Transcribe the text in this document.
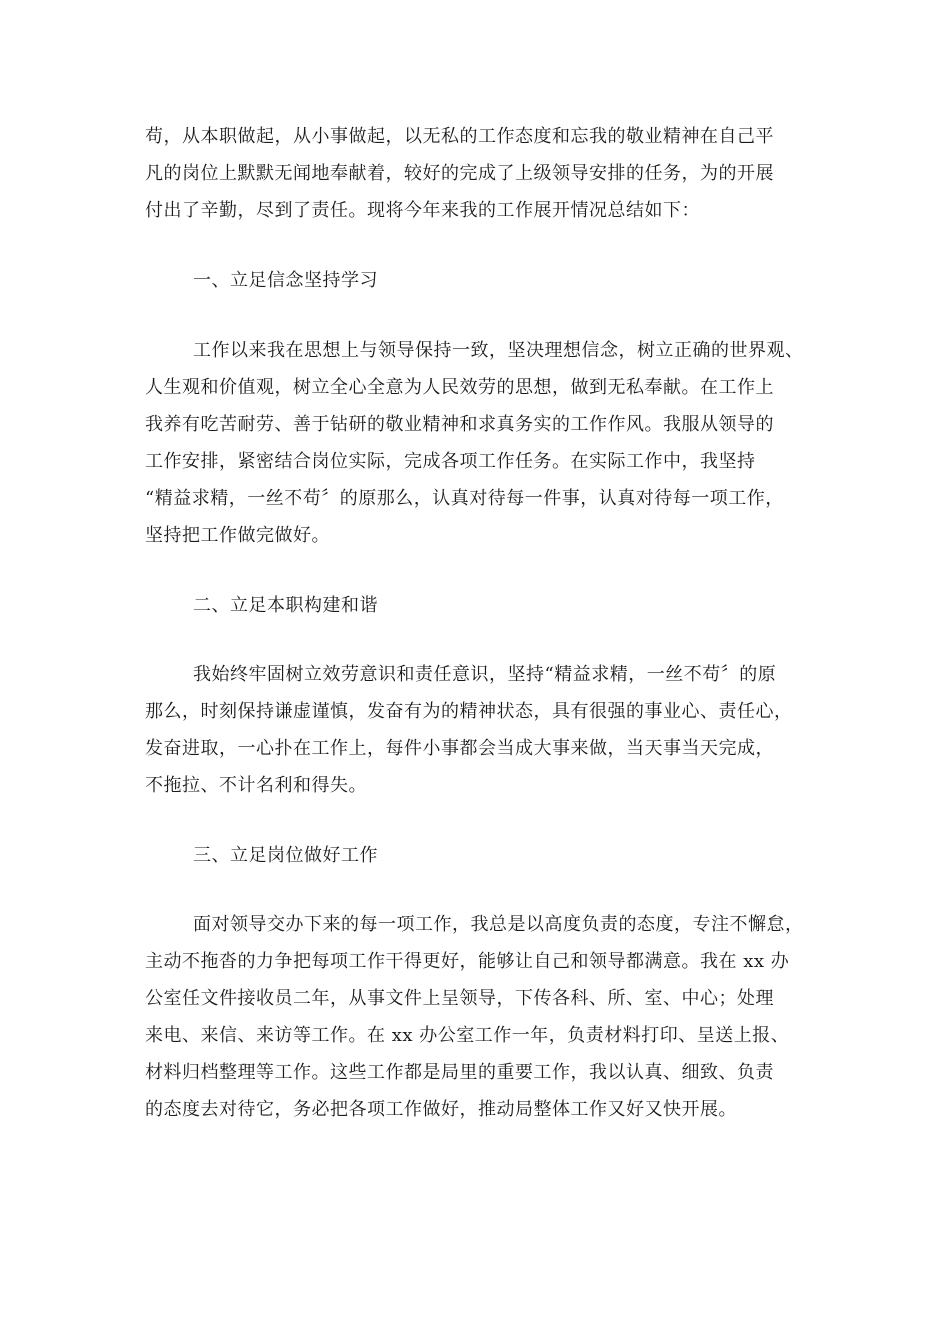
苟，从本职做起，从小事做起，以无私的工作态度和忘我的敬业精神在自己平
凡的岗位上默默无闻地奉献着，较好的完成了上级领导安排的任务，为的开展
付出了辛勤，尽到了责任。现将今年来我的工作展开情况总结如下：
一、立足信念坚持学习
工作以来我在思想上与领导保持一致，坚决理想信念，树立正确的世界观、
人生观和价值观，树立全心全意为人民效劳的思想，做到无私奉献。在工作上
我养有吃苦耐劳、善于钻研的敬业精神和求真务实的工作作风。我服从领导的
工作安排，紧密结合岗位实际，完成各项工作任务。在实际工作中，我坚持
“精益求精，一丝不苟〞的原那么，认真对待每一件事，认真对待每一项工作，
坚持把工作做完做好。
二、立足本职构建和谐
我始终牢固树立效劳意识和责任意识，坚持“精益求精，一丝不苟〞的原
那么，时刻保持谦虚谨慎，发奋有为的精神状态，具有很强的事业心、责任心，
发奋进取，一心扑在工作上，每件小事都会当成大事来做，当天事当天完成，
不拖拉、不计名利和得失。
三、立足岗位做好工作
面对领导交办下来的每一项工作，我总是以高度负责的态度，专注不懈怠，
主动不拖沓的力争把每项工作干得更好，能够让自己和领导都满意。我在 xx 办
公室任文件接收员二年，从事文件上呈领导，下传各科、所、室、中心；处理
来电、来信、来访等工作。在 xx 办公室工作一年，负责材料打印、呈送上报、
材料归档整理等工作。这些工作都是局里的重要工作，我以认真、细致、负责
的态度去对待它，务必把各项工作做好，推动局整体工作又好又快开展。
